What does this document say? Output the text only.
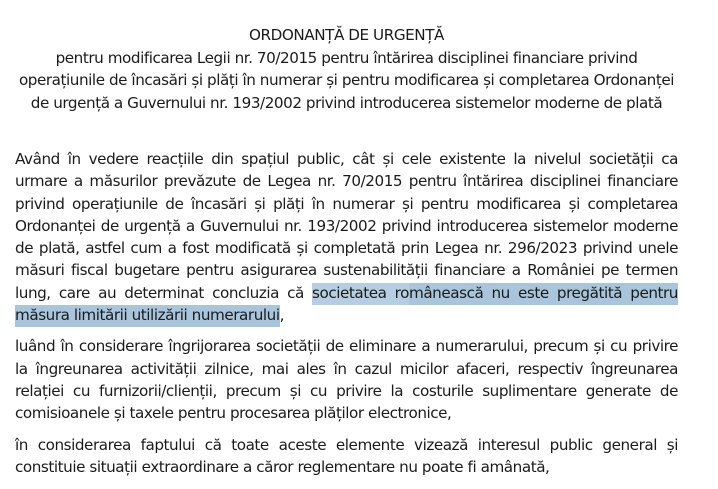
ORDONANȚĂ DE URGENȚĂ
pentru modificarea Legii nr. 70/2015 pentru întărirea disciplinei financiare privind operațiunile de încasări și plăți în numerar și pentru modificarea și completarea Ordonanței de urgență a Guvernului nr. 193/2002 privind introducerea sistemelor moderne de plată

Având în vedere reacțiile din spațiul public, cât și cele existente la nivelul societății ca urmare a măsurilor prevăzute de Legea nr. 70/2015 pentru întărirea disciplinei financiare privind operațiunile de încasări și plăți în numerar și pentru modificarea și completarea Ordonanței de urgență a Guvernului nr. 193/2002 privind introducerea sistemelor moderne de plată, astfel cum a fost modificată și completată prin Legea nr. 296/2023 privind unele măsuri fiscal bugetare pentru asigurarea sustenabilității financiare a României pe termen lung, care au determinat concluzia că societatea românească nu este pregătită pentru măsura limitării utilizării numerarului,

luând în considerare îngrijorarea societății de eliminare a numerarului, precum și cu privire la îngreunarea activității zilnice, mai ales în cazul micilor afaceri, respectiv îngreunarea relației cu furnizorii/clienții, precum și cu privire la costurile suplimentare generate de comisioanele și taxele pentru procesarea plăților electronice,

în considerarea faptului că toate aceste elemente vizează interesul public general și constituie situații extraordinare a căror reglementare nu poate fi amânată,
